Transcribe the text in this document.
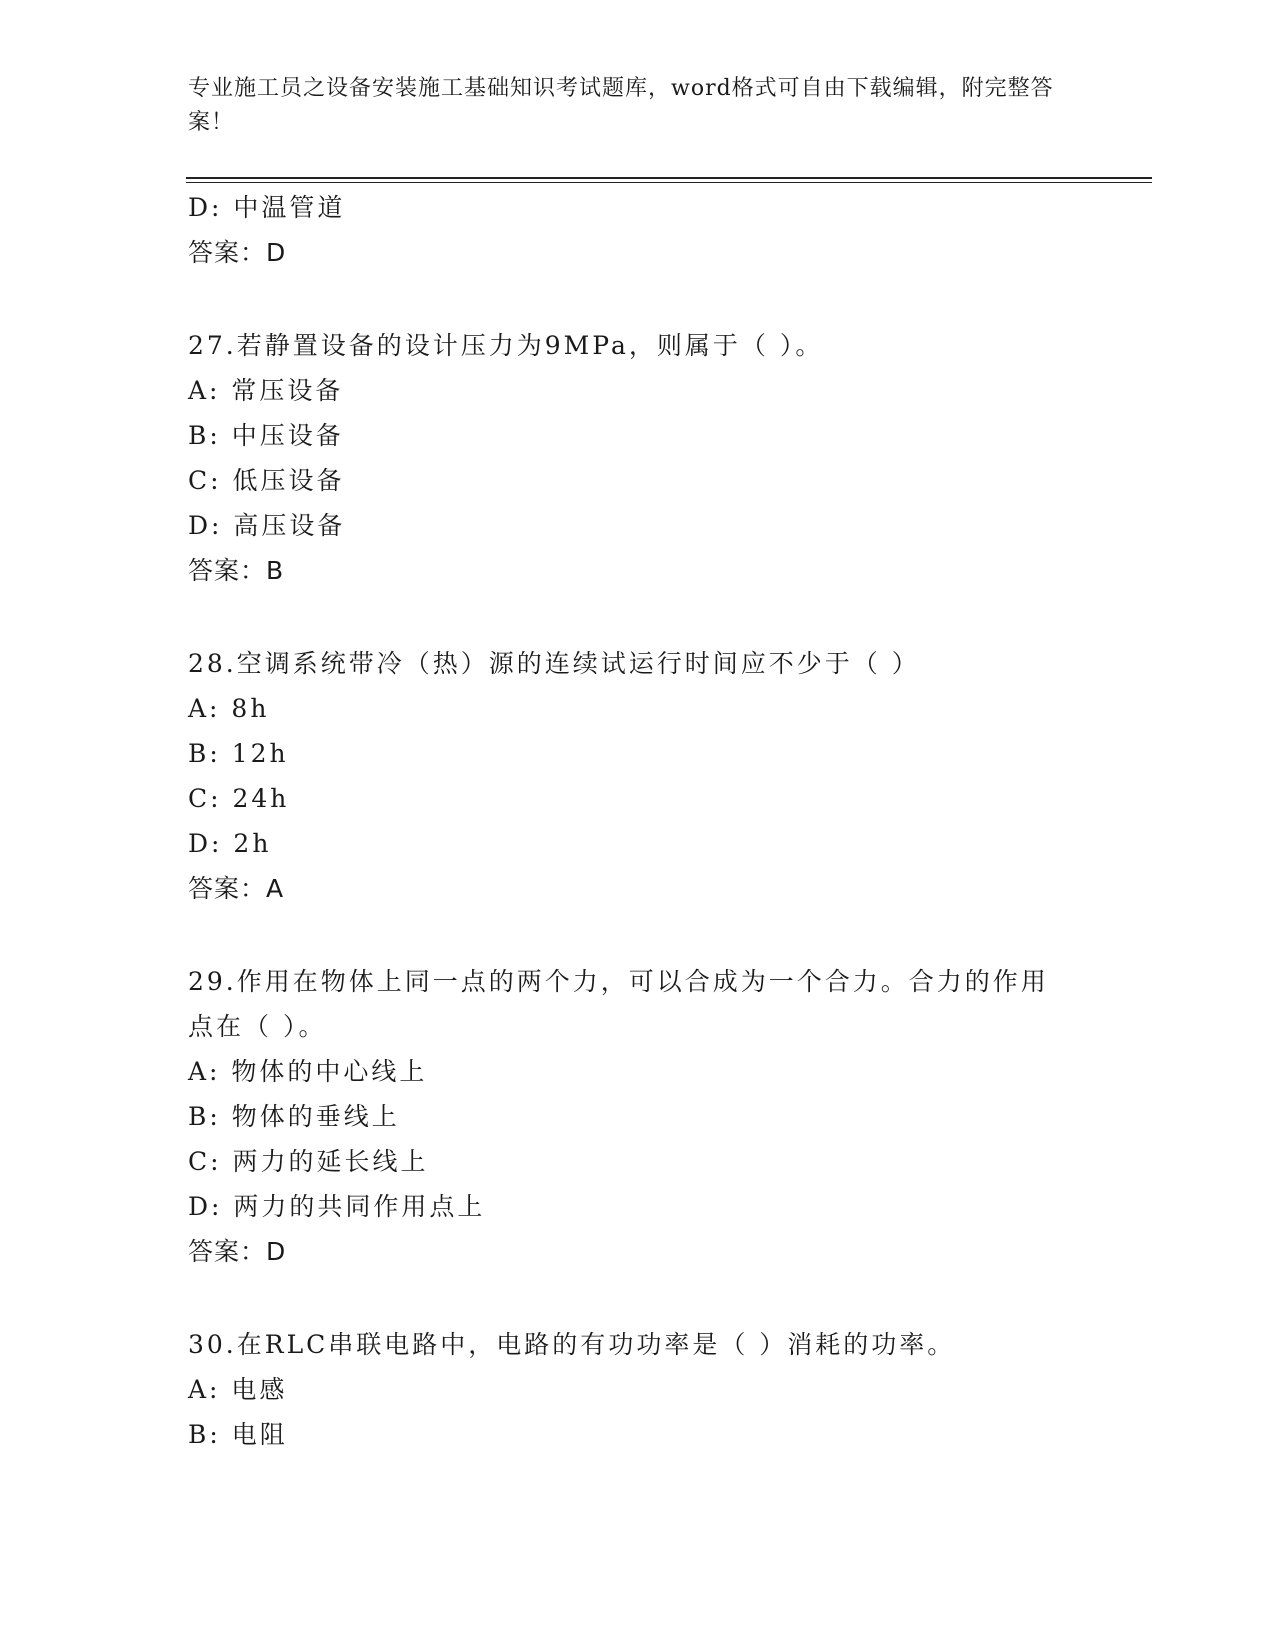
专业施工员之设备安装施工基础知识考试题库，word格式可自由下载编辑，附完整答案！
D: 中温管道
答案：D
27.若静置设备的设计压力为9MPa，则属于（ ）。
A: 常压设备
B: 中压设备
C: 低压设备
D: 高压设备
答案：B
28.空调系统带冷（热）源的连续试运行时间应不少于（ ）
A: 8h
B: 12h
C: 24h
D: 2h
答案：A
29.作用在物体上同一点的两个力，可以合成为一个合力。合力的作用点在（ ）。
A: 物体的中心线上
B: 物体的垂线上
C: 两力的延长线上
D: 两力的共同作用点上
答案：D
30.在RLC串联电路中，电路的有功功率是（ ）消耗的功率。
A: 电感
B: 电阻
